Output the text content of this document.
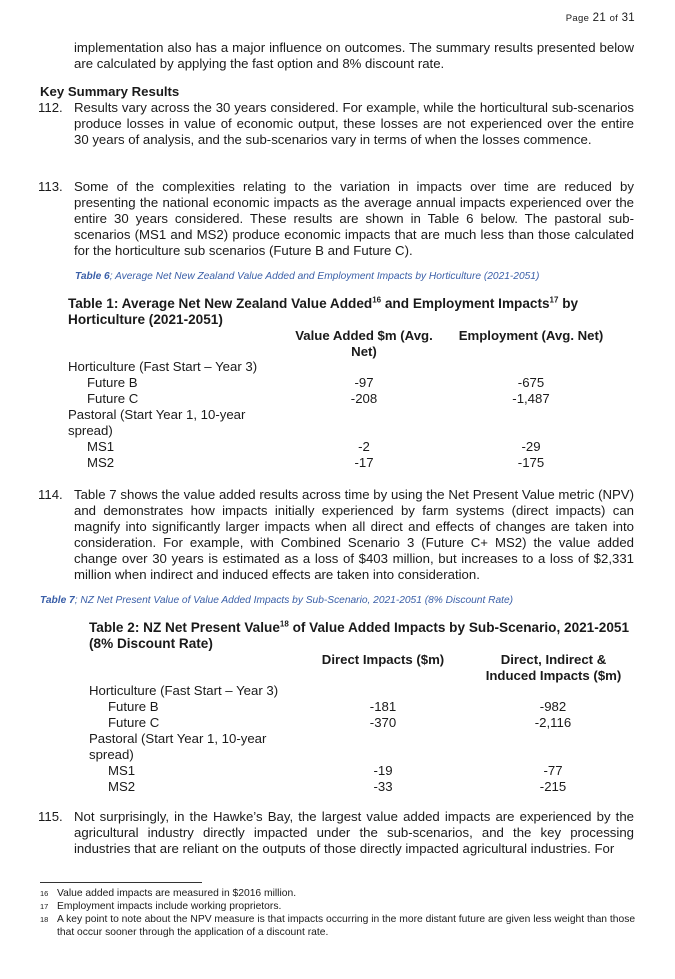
Page 21 of 31
implementation also has a major influence on outcomes. The summary results presented below are calculated by applying the fast option and 8% discount rate.
Key Summary Results
112. Results vary across the 30 years considered. For example, while the horticultural sub-scenarios produce losses in value of economic output, these losses are not experienced over the entire 30 years of analysis, and the sub-scenarios vary in terms of when the losses commence.
113. Some of the complexities relating to the variation in impacts over time are reduced by presenting the national economic impacts as the average annual impacts experienced over the entire 30 years considered. These results are shown in Table 6 below. The pastoral sub-scenarios (MS1 and MS2) produce economic impacts that are much less than those calculated for the horticulture sub scenarios (Future B and Future C).
Table 6; Average Net New Zealand Value Added and Employment Impacts by Horticulture (2021-2051)
Table 1: Average Net New Zealand Value Added$^{16}$ and Employment Impacts$^{17}$ by Horticulture (2021-2051)
Value Added $m (Avg. Net)
Employment (Avg. Net)
Horticulture (Fast Start – Year 3)
Future B	-97	-675
Future C	-208	-1,487
Pastoral (Start Year 1, 10-year spread)
MS1	-2	-29
MS2	-17	-175
114. Table 7 shows the value added results across time by using the Net Present Value metric (NPV) and demonstrates how impacts initially experienced by farm systems (direct impacts) can magnify into significantly larger impacts when all direct and effects of changes are taken into consideration. For example, with Combined Scenario 3 (Future C+ MS2) the value added change over 30 years is estimated as a loss of $403 million, but increases to a loss of $2,331 million when indirect and induced effects are taken into consideration.
Table 7; NZ Net Present Value of Value Added Impacts by Sub-Scenario, 2021-2051 (8% Discount Rate)
Table 2: NZ Net Present Value$^{18}$ of Value Added Impacts by Sub-Scenario, 2021-2051 (8% Discount Rate)
Direct Impacts ($m)	Direct, Indirect & Induced Impacts ($m)
Horticulture (Fast Start – Year 3)
Future B	-181	-982
Future C	-370	-2,116
Pastoral (Start Year 1, 10-year spread)
MS1	-19	-77
MS2	-33	-215
115. Not surprisingly, in the Hawke’s Bay, the largest value added impacts are experienced by the agricultural industry directly impacted under the sub-scenarios, and the key processing industries that are reliant on the outputs of those directly impacted agricultural industries. For
16 Value added impacts are measured in $2016 million.
17 Employment impacts include working proprietors.
18 A key point to note about the NPV measure is that impacts occurring in the more distant future are given less weight than those that occur sooner through the application of a discount rate.
